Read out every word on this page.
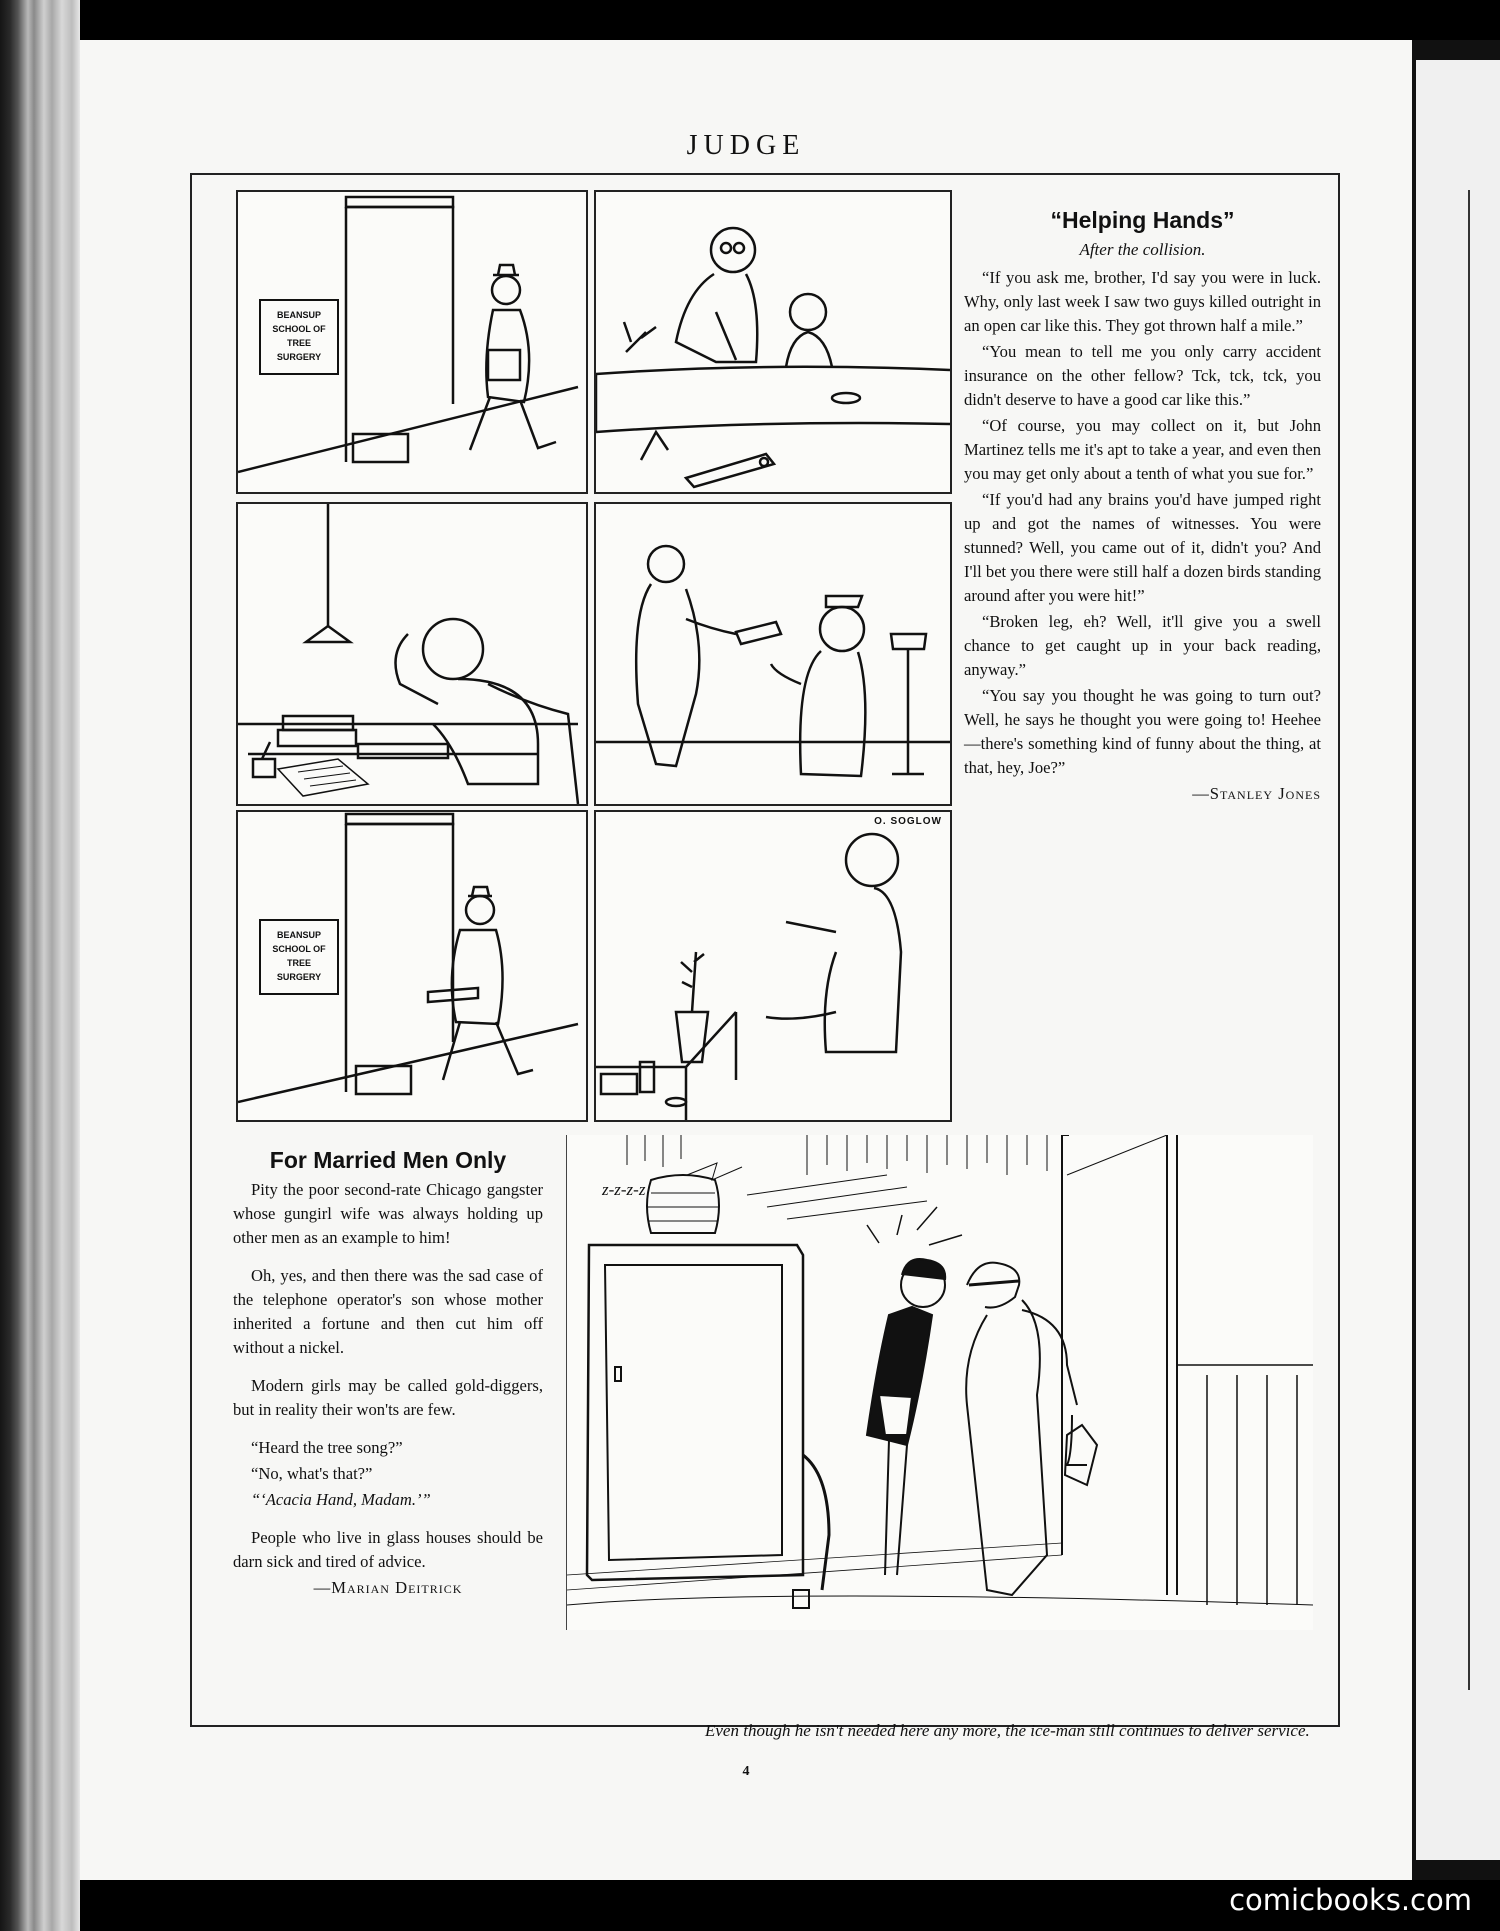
JUDGE
BEANSUP
SCHOOL OF
TREE
SURGERY
BEANSUP
SCHOOL OF
TREE
SURGERY
O. SOGLOW

“Helping Hands”

After the collision.

“If you ask me, brother, I'd say you were in luck. Why, only last week I saw two guys killed outright in an open car like this. They got thrown half a mile.”

“You mean to tell me you only carry accident insurance on the other fellow? Tck, tck, tck, you didn't deserve to have a good car like this.”

“Of course, you may collect on it, but John Martinez tells me it's apt to take a year, and even then you may get only about a tenth of what you sue for.”

“If you'd had any brains you'd have jumped right up and got the names of witnesses. You were stunned? Well, you came out of it, didn't you? And I'll bet you there were still half a dozen birds standing around after you were hit!”

“Broken leg, eh? Well, it'll give you a swell chance to get caught up in your back reading, anyway.”

“You say you thought he was going to turn out? Well, he says he thought you were going to! Heehee—there's something kind of funny about the thing, at that, hey, Joe?”

—Stanley Jones

For Married Men Only

Pity the poor second-rate Chicago gangster whose gungirl wife was always holding up other men as an example to him!

Oh, yes, and then there was the sad case of the telephone operator's son whose mother inherited a fortune and then cut him off without a nickel.

Modern girls may be called gold-diggers, but in reality their won'ts are few.

“Heard the tree song?”

“No, what's that?”

“‘Acacia Hand, Madam.’”

People who live in glass houses should be darn sick and tired of advice.

—Marian Deitrick

z-z-z-z
Even though he isn't needed here any more, the ice-man still continues to deliver service.
4
comicbooks.com
